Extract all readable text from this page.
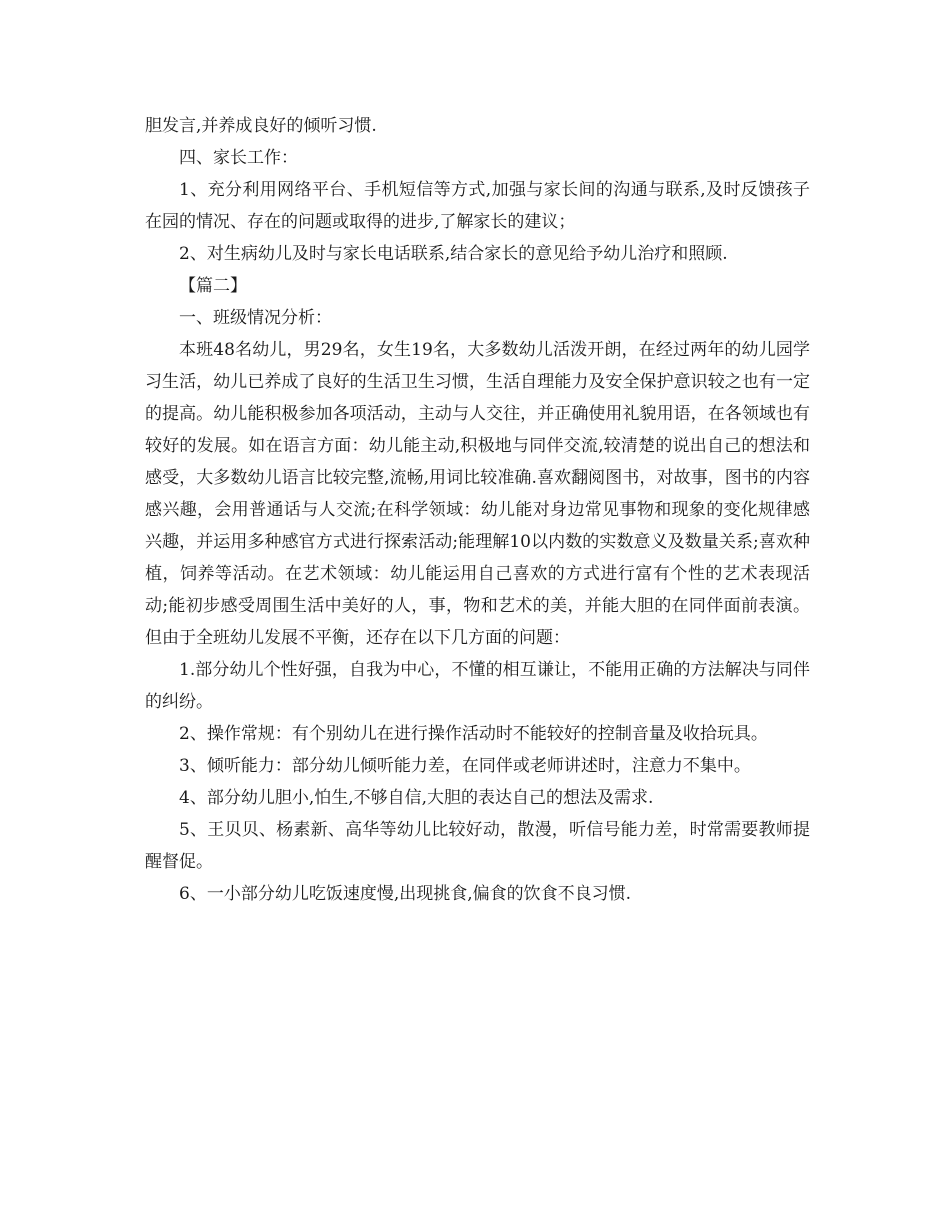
胆发言,并养成良好的倾听习惯.

四、家长工作：

1、充分利用网络平台、手机短信等方式,加强与家长间的沟通与联系,及时反馈孩子在园的情况、存在的问题或取得的进步,了解家长的建议；

2、对生病幼儿及时与家长电话联系,结合家长的意见给予幼儿治疗和照顾.

【篇二】

一、班级情况分析：

本班48名幼儿，男29名，女生19名，大多数幼儿活泼开朗，在经过两年的幼儿园学习生活，幼儿已养成了良好的生活卫生习惯，生活自理能力及安全保护意识较之也有一定的提高。幼儿能积极参加各项活动，主动与人交往，并正确使用礼貌用语，在各领域也有较好的发展。如在语言方面：幼儿能主动,积极地与同伴交流,较清楚的说出自己的想法和感受，大多数幼儿语言比较完整,流畅,用词比较准确.喜欢翻阅图书，对故事，图书的内容感兴趣，会用普通话与人交流;在科学领域：幼儿能对身边常见事物和现象的变化规律感兴趣，并运用多种感官方式进行探索活动;能理解10以内数的实数意义及数量关系;喜欢种植，饲养等活动。在艺术领域：幼儿能运用自己喜欢的方式进行富有个性的艺术表现活动;能初步感受周围生活中美好的人，事，物和艺术的美，并能大胆的在同伴面前表演。但由于全班幼儿发展不平衡，还存在以下几方面的问题：

1.部分幼儿个性好强，自我为中心，不懂的相互谦让，不能用正确的方法解决与同伴的纠纷。

2、操作常规：有个别幼儿在进行操作活动时不能较好的控制音量及收拾玩具。

3、倾听能力：部分幼儿倾听能力差，在同伴或老师讲述时，注意力不集中。

4、部分幼儿胆小,怕生,不够自信,大胆的表达自己的想法及需求.

5、王贝贝、杨素新、高华等幼儿比较好动，散漫，听信号能力差，时常需要教师提醒督促。

6、一小部分幼儿吃饭速度慢,出现挑食,偏食的饮食不良习惯.
